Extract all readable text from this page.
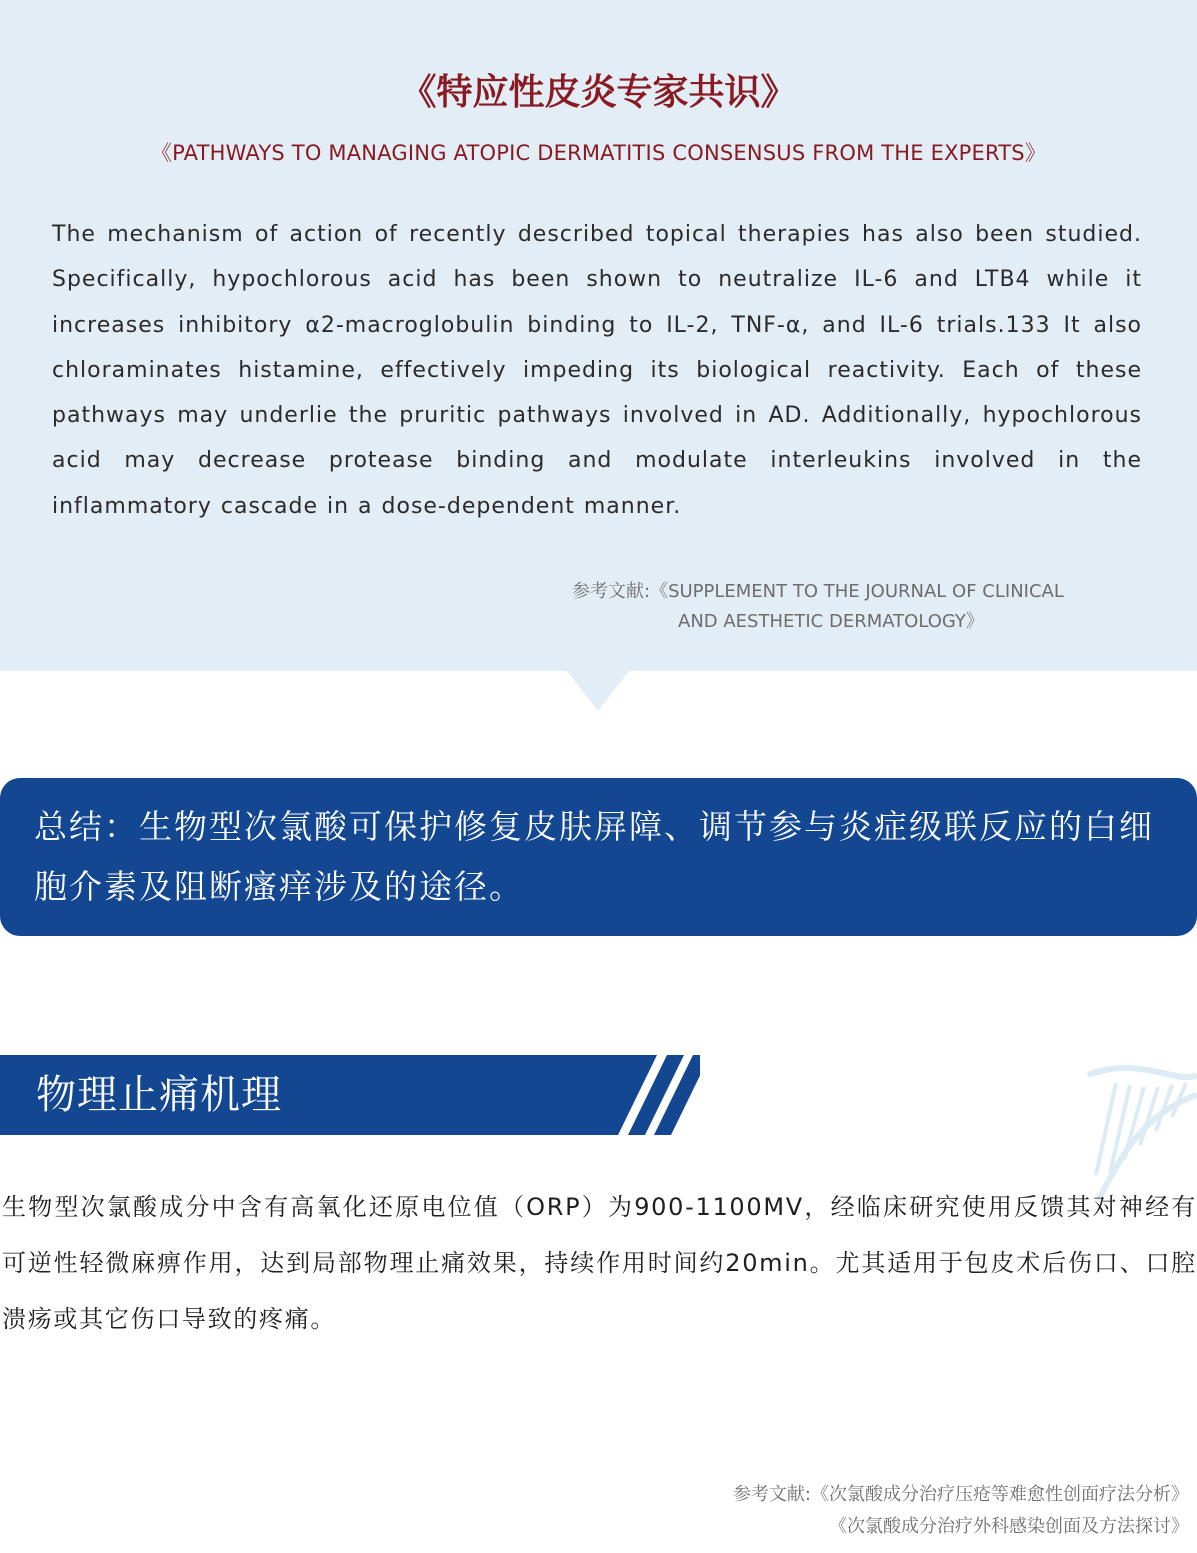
《特应性皮炎专家共识》
《PATHWAYS TO MANAGING ATOPIC DERMATITIS CONSENSUS FROM THE EXPERTS》

The mechanism of action of recently described topical therapies has also been studied. Specifically, hypochlorous acid has been shown to neutralize IL-6 and LTB4 while it increases inhibitory α2-macroglobulin binding to IL-2, TNF-α, and IL-6 trials.133 It also chloraminates histamine, effectively impeding its biological reactivity. Each of these pathways may underlie the pruritic pathways involved in AD. Additionally, hypochlorous acid may decrease protease binding and modulate interleukins involved in the inflammatory cascade in a dose-dependent manner.

参考文献:《SUPPLEMENT TO THE JOURNAL OF CLINICAL
AND AESTHETIC DERMATOLOGY》

总结：生物型次氯酸可保护修复皮肤屏障、调节参与炎症级联反应的白细胞介素及阻断瘙痒涉及的途径。

物理止痛机理

生物型次氯酸成分中含有高氧化还原电位值（ORP）为900-1100MV，经临床研究使用反馈其对神经有可逆性轻微麻痹作用，达到局部物理止痛效果，持续作用时间约20min。尤其适用于包皮术后伤口、口腔溃疡或其它伤口导致的疼痛。

参考文献:《次氯酸成分治疗压疮等难愈性创面疗法分析》
《次氯酸成分治疗外科感染创面及方法探讨》
